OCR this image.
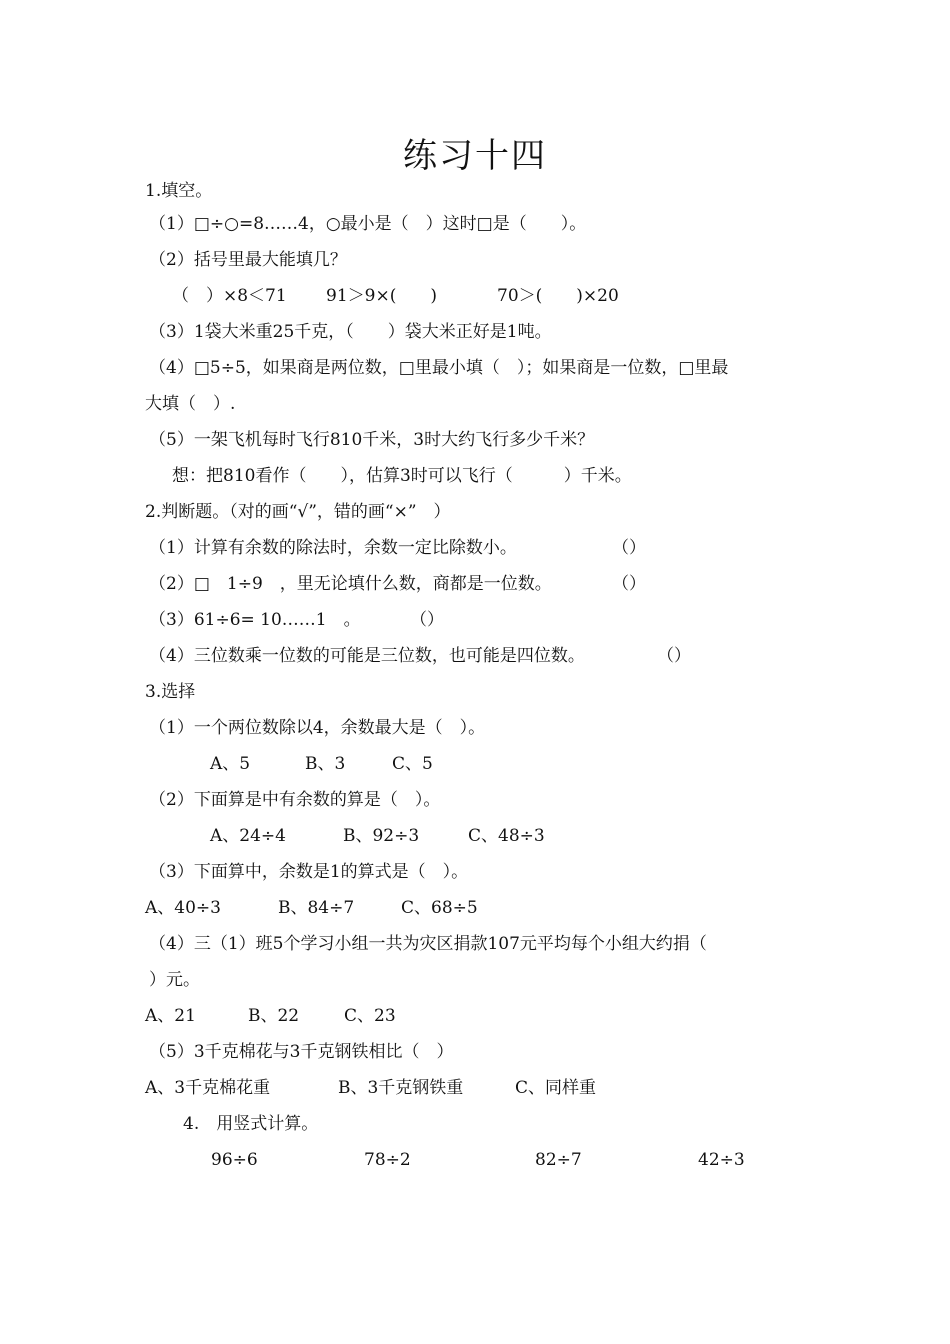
练习十四
1.填空。
（1）□÷○=8……4，○最小是（　）这时□是（　　）。
（2）括号里最大能填几？
（　）×8＜71 91＞9×(　　)	70＞(　　)×20
（3）1袋大米重25千克，（　　）袋大米正好是1吨。
（4）□5÷5，如果商是两位数，□里最小填（　）；如果商是一位数，□里最
大填（　）.
（5）一架飞机每时飞行810千米，3时大约飞行多少千米？
想：把810看作（　　），估算3时可以飞行（　　　）千米。
2.判断题。（对的画“√”，错的画“×”　）
（1）计算有余数的除法时，余数一定比除数小。	（）
（2）□　1÷9　，里无论填什么数，商都是一位数。	（）
（3）61÷6= 10……1　。	（）
（4）三位数乘一位数的可能是三位数，也可能是四位数。	（）
3.选择
（1）一个两位数除以4，余数最大是（　）。
A、5	B、3	C、5
（2）下面算是中有余数的算是（　）。
A、24÷4	B、92÷3	C、48÷3
（3）下面算中，余数是1的算式是（　）。
A、40÷3	B、84÷7	C、68÷5
（4）三（1）班5个学习小组一共为灾区捐款107元平均每个小组大约捐（
）元。
A、21	B、22	C、23
（5）3千克棉花与3千克钢铁相比（　）
A、3千克棉花重	B、3千克钢铁重	C、同样重
4.　用竖式计算。
96÷6	78÷2	82÷7	42÷3
